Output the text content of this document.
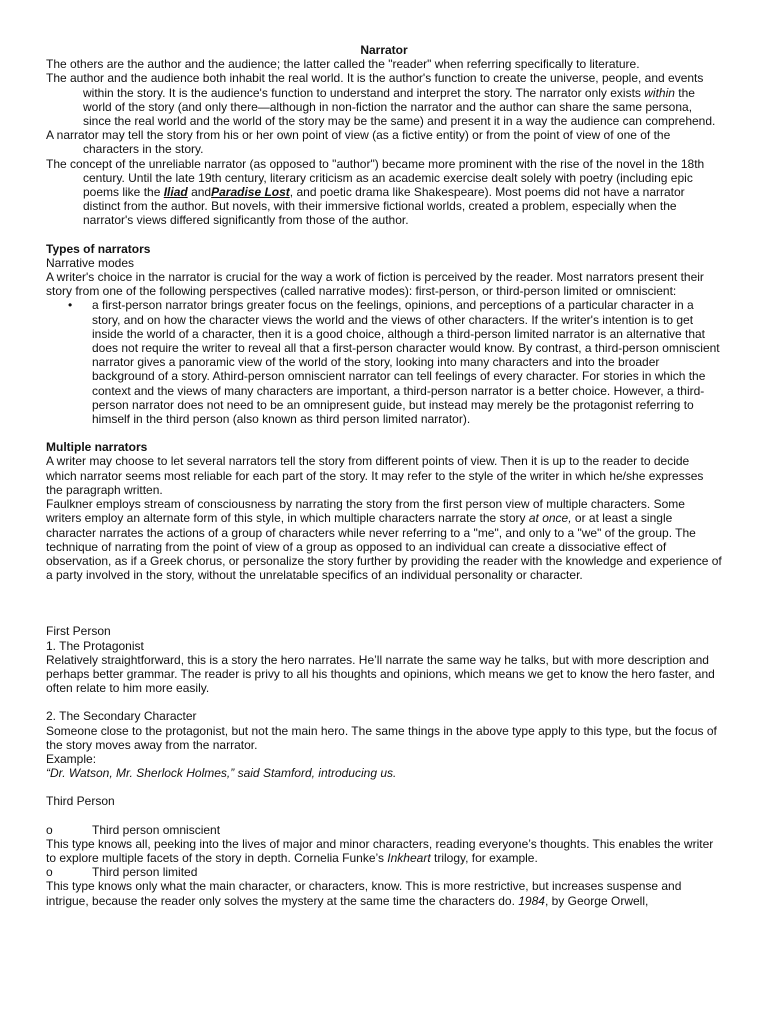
Narrator

The others are the author and the audience; the latter called the "reader" when referring specifically to literature.

The author and the audience both inhabit the real world. It is the author's function to create the universe, people, and events within the story. It is the audience's function to understand and interpret the story. The narrator only exists within the world of the story (and only there—although in non-fiction the narrator and the author can share the same persona, since the real world and the world of the story may be the same) and present it in a way the audience can comprehend.

A narrator may tell the story from his or her own point of view (as a fictive entity) or from the point of view of one of the characters in the story.

The concept of the unreliable narrator (as opposed to "author") became more prominent with the rise of the novel in the 18th century. Until the late 19th century, literary criticism as an academic exercise dealt solely with poetry (including epic poems like the Iliad andParadise Lost, and poetic drama like Shakespeare). Most poems did not have a narrator distinct from the author. But novels, with their immersive fictional worlds, created a problem, especially when the narrator's views differed significantly from those of the author.

Types of narrators

Narrative modes

A writer's choice in the narrator is crucial for the way a work of fiction is perceived by the reader. Most narrators present their story from one of the following perspectives (called narrative modes): first-person, or third-person limited or omniscient:

• a first-person narrator brings greater focus on the feelings, opinions, and perceptions of a particular character in a story, and on how the character views the world and the views of other characters. If the writer's intention is to get inside the world of a character, then it is a good choice, although a third-person limited narrator is an alternative that does not require the writer to reveal all that a first-person character would know. By contrast, a third-person omniscient narrator gives a panoramic view of the world of the story, looking into many characters and into the broader background of a story. Athird-person omniscient narrator can tell feelings of every character. For stories in which the context and the views of many characters are important, a third-person narrator is a better choice. However, a third-person narrator does not need to be an omnipresent guide, but instead may merely be the protagonist referring to himself in the third person (also known as third person limited narrator).

Multiple narrators

A writer may choose to let several narrators tell the story from different points of view. Then it is up to the reader to decide which narrator seems most reliable for each part of the story. It may refer to the style of the writer in which he/she expresses the paragraph written.

Faulkner employs stream of consciousness by narrating the story from the first person view of multiple characters. Some writers employ an alternate form of this style, in which multiple characters narrate the story at once, or at least a single character narrates the actions of a group of characters while never referring to a "me", and only to a "we" of the group. The technique of narrating from the point of view of a group as opposed to an individual can create a dissociative effect of observation, as if a Greek chorus, or personalize the story further by providing the reader with the knowledge and experience of a party involved in the story, without the unrelatable specifics of an individual personality or character.

First Person

1. The Protagonist

Relatively straightforward, this is a story the hero narrates. He’ll narrate the same way he talks, but with more description and perhaps better grammar. The reader is privy to all his thoughts and opinions, which means we get to know the hero faster, and often relate to him more easily.

2. The Secondary Character

Someone close to the protagonist, but not the main hero. The same things in the above type apply to this type, but the focus of the story moves away from the narrator.

Example:

“Dr. Watson, Mr. Sherlock Holmes,” said Stamford, introducing us.

Third Person

o	Third person omniscient

This type knows all, peeking into the lives of major and minor characters, reading everyone’s thoughts. This enables the writer to explore multiple facets of the story in depth. Cornelia Funke’s Inkheart trilogy, for example.

o	Third person limited

This type knows only what the main character, or characters, know. This is more restrictive, but increases suspense and intrigue, because the reader only solves the mystery at the same time the characters do. 1984, by George Orwell,
